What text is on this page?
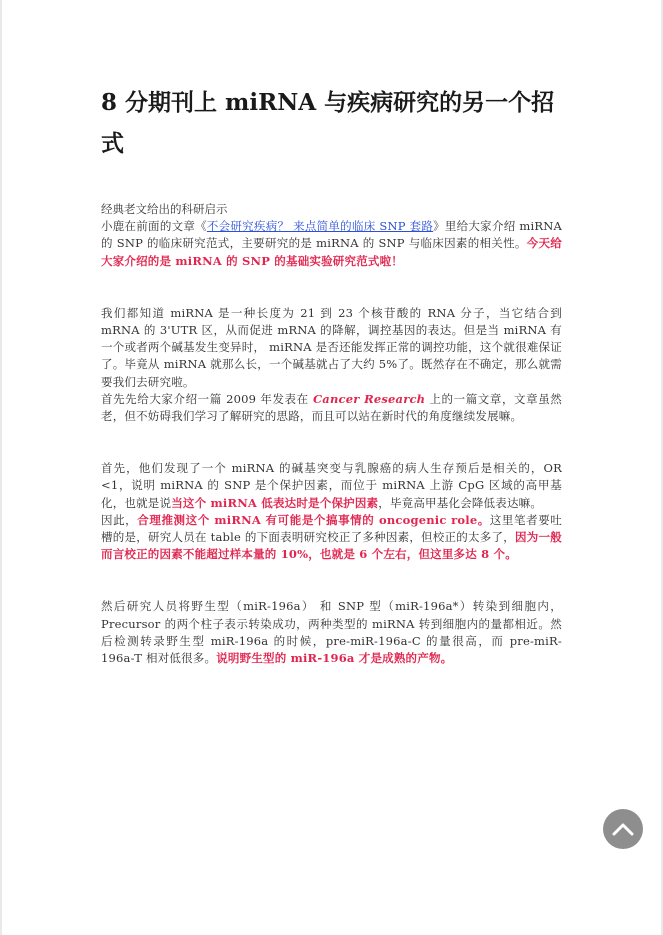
8 分期刊上 miRNA 与疾病研究的另一个招式
经典老文给出的科研启示

小鹿在前面的文章《不会研究疾病？ 来点简单的临床 SNP 套路》里给大家介绍 miRNA 的 SNP 的临床研究范式，主要研究的是 miRNA 的 SNP 与临床因素的相关性。今天给大家介绍的是 miRNA 的 SNP 的基础实验研究范式啦！

我们都知道 miRNA 是一种长度为 21 到 23 个核苷酸的 RNA 分子，当它结合到 mRNA 的 3'UTR 区，从而促进 mRNA 的降解，调控基因的表达。但是当 miRNA 有一个或者两个碱基发生变异时， miRNA 是否还能发挥正常的调控功能，这个就很难保证了。毕竟从 miRNA 就那么长，一个碱基就占了大约 5%了。既然存在不确定，那么就需要我们去研究啦。

首先先给大家介绍一篇 2009 年发表在 Cancer Research 上的一篇文章，文章虽然老，但不妨碍我们学习了解研究的思路，而且可以站在新时代的角度继续发展嘛。

首先，他们发现了一个 miRNA 的碱基突变与乳腺癌的病人生存预后是相关的，OR <1，说明 miRNA 的 SNP 是个保护因素，而位于 miRNA 上游 CpG 区域的高甲基化，也就是说当这个 miRNA 低表达时是个保护因素，毕竟高甲基化会降低表达嘛。

因此，合理推测这个 miRNA 有可能是个搞事情的 oncogenic role。这里笔者要吐槽的是，研究人员在 table 的下面表明研究校正了多种因素，但校正的太多了，因为一般而言校正的因素不能超过样本量的 10%，也就是 6 个左右，但这里多达 8 个。

然后研究人员将野生型（miR-196a） 和 SNP 型（miR-196a*）转染到细胞内，Precursor 的两个柱子表示转染成功，两种类型的 miRNA 转到细胞内的量都相近。然后检测转录野生型 miR-196a 的时候，pre-miR-196a-C 的量很高，而 pre-miR-196a-T 相对低很多。说明野生型的 miR-196a 才是成熟的产物。
